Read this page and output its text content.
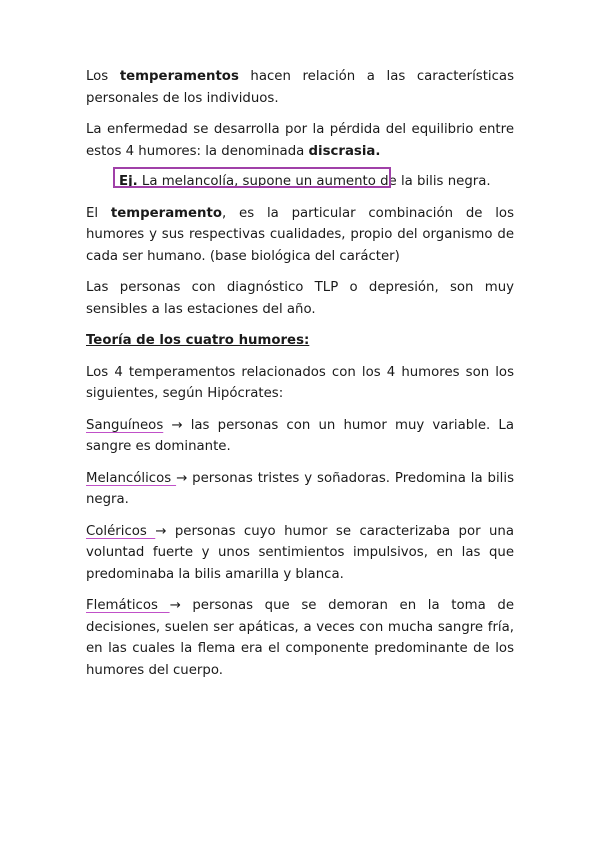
Los temperamentos hacen relación a las características personales de los individuos.

La enfermedad se desarrolla por la pérdida del equilibrio entre estos 4 humores: la denominada discrasia.

Ej. La melancolía, supone un aumento de la bilis negra.

El temperamento, es la particular combinación de los humores y sus respectivas cualidades, propio del organismo de cada ser humano. (base biológica del carácter)

Las personas con diagnóstico TLP o depresión, son muy sensibles a las estaciones del año.

Teoría de los cuatro humores:

Los 4 temperamentos relacionados con los 4 humores son los siguientes, según Hipócrates:

Sanguíneos → las personas con un humor muy variable. La sangre es dominante.

Melancólicos → personas tristes y soñadoras. Predomina la bilis negra.

Coléricos → personas cuyo humor se caracterizaba por una voluntad fuerte y unos sentimientos impulsivos, en las que predominaba la bilis amarilla y blanca.

Flemáticos → personas que se demoran en la toma de decisiones, suelen ser apáticas, a veces con mucha sangre fría, en las cuales la flema era el componente predominante de los humores del cuerpo.
